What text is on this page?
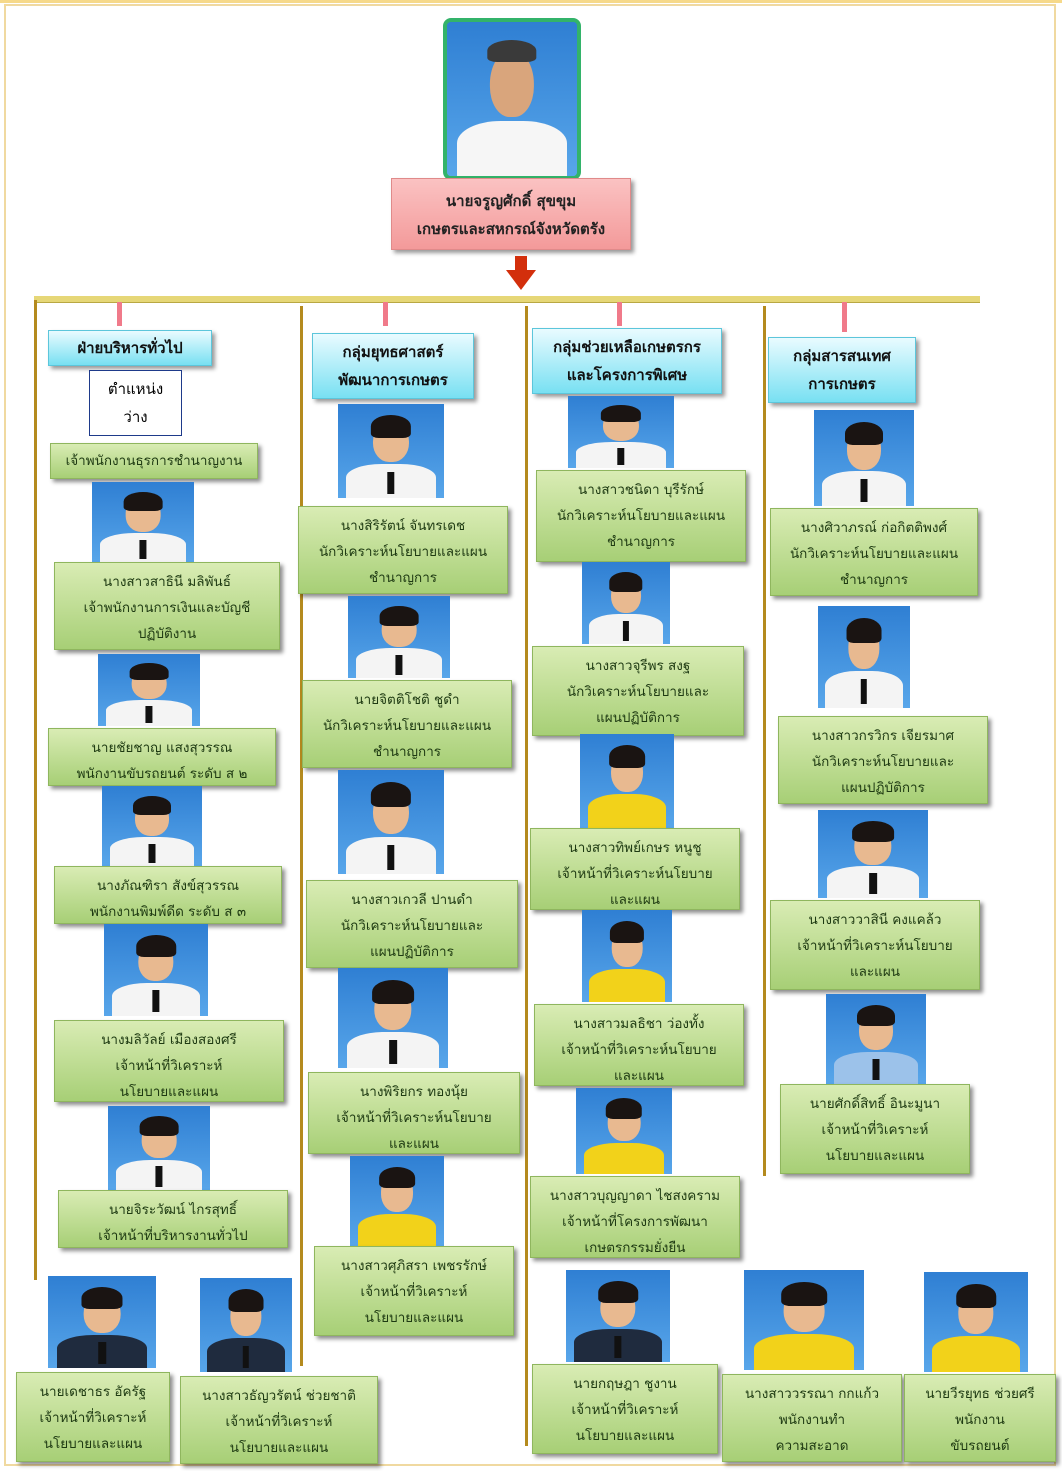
นายจรูญศักดิ์ สุขขุม
เกษตรและสหกรณ์จังหวัดตรัง
ฝ่ายบริหารทั่วไป
ตำแหน่ง
ว่าง
เจ้าพนักงานธุรการชำนาญงาน
กลุ่มยุทธศาสตร์
พัฒนาการเกษตร
กลุ่มช่วยเหลือเกษตรกร
และโครงการพิเศษ
กลุ่มสารสนเทศ
การเกษตร
นางสาวสาธินี มลิพันธ์
เจ้าพนักงานการเงินและบัญชี
ปฏิบัติงาน
นายชัยชาญ แสงสุวรรณ
พนักงานขับรถยนต์ ระดับ ส ๒
นางภัณฑิรา สังข์สุวรรณ
พนักงานพิมพ์ดีด ระดับ ส ๓
นางมลิวัลย์ เมืองสองศรี
เจ้าหน้าที่วิเคราะห์
นโยบายและแผน
นายจิระวัฒน์ ไกรสุทธิ์
เจ้าหน้าที่บริหารงานทั่วไป
นายเดชาธร อัครัฐ
เจ้าหน้าที่วิเคราะห์
นโยบายและแผน
นางสาวธัญวรัตน์ ช่วยชาติ
เจ้าหน้าที่วิเคราะห์
นโยบายและแผน
นางสิริรัตน์ จันทรเดช
นักวิเคราะห์นโยบายและแผน
ชำนาญการ
นายจิตติโชติ ชูดำ
นักวิเคราะห์นโยบายและแผน
ชำนาญการ
นางสาวเกวลี ปานดำ
นักวิเคราะห์นโยบายและ
แผนปฏิบัติการ
นางพิริยกร ทองนุ้ย
เจ้าหน้าที่วิเคราะห์นโยบาย
และแผน
นางสาวศุภิสรา เพชรรักษ์
เจ้าหน้าที่วิเคราะห์
นโยบายและแผน
นางสาวชนิดา บุรีรักษ์
นักวิเคราะห์นโยบายและแผน
ชำนาญการ
นางสาวจุรีพร สงฐ
นักวิเคราะห์นโยบายและ
แผนปฏิบัติการ
นางสาวทิพย์เกษร หนูชู
เจ้าหน้าที่วิเคราะห์นโยบาย
และแผน
นางสาวมลธิชา ว่องทั้ง
เจ้าหน้าที่วิเคราะห์นโยบาย
และแผน
นางสาวบุญญาดา ไชสงคราม
เจ้าหน้าที่โครงการพัฒนา
เกษตรกรรมยั่งยืน
นายกฤษฎา ชูงาน
เจ้าหน้าที่วิเคราะห์
นโยบายและแผน
นางสาววรรณา กกแก้ว
พนักงานทำ
ความสะอาด
นายวีรยุทธ ช่วยศรี
พนักงาน
ขับรถยนต์
นางศิวาภรณ์ ก่อกิตติพงศ์
นักวิเคราะห์นโยบายและแผน
ชำนาญการ
นางสาวกรวิกร เจียรมาศ
นักวิเคราะห์นโยบายและ
แผนปฏิบัติการ
นางสาววาสินี คงแคล้ว
เจ้าหน้าที่วิเคราะห์นโยบาย
และแผน
นายศักดิ์สิทธิ์ อินะมูนา
เจ้าหน้าที่วิเคราะห์
นโยบายและแผน
